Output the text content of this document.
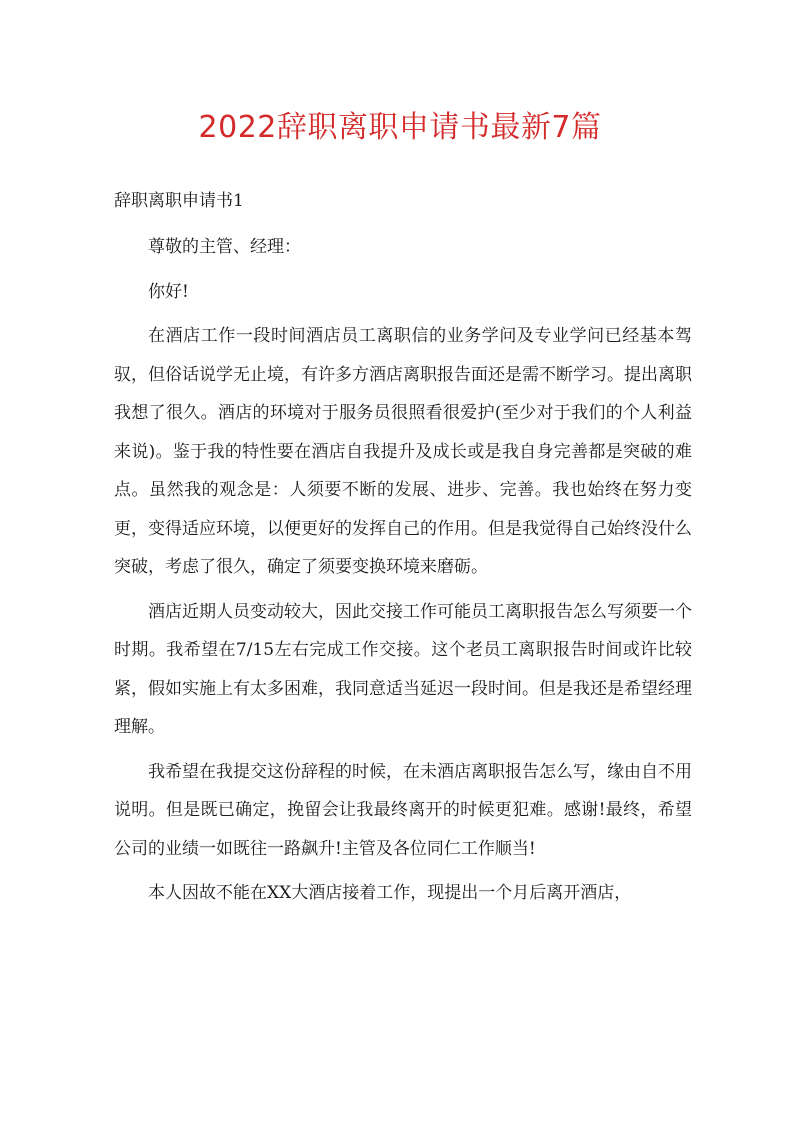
2022辞职离职申请书最新7篇
辞职离职申请书1

尊敬的主管、经理：

你好!

在酒店工作一段时间酒店员工离职信的业务学问及专业学问已经基本驾驭，但俗话说学无止境，有许多方酒店离职报告面还是需不断学习。提出离职我想了很久。酒店的环境对于服务员很照看很爱护(至少对于我们的个人利益来说)。鉴于我的特性要在酒店自我提升及成长或是我自身完善都是突破的难点。虽然我的观念是：人须要不断的发展、进步、完善。我也始终在努力变更，变得适应环境，以便更好的发挥自己的作用。但是我觉得自己始终没什么突破，考虑了很久，确定了须要变换环境来磨砺。

酒店近期人员变动较大，因此交接工作可能员工离职报告怎么写须要一个时期。我希望在7/15左右完成工作交接。这个老员工离职报告时间或许比较紧，假如实施上有太多困难，我同意适当延迟一段时间。但是我还是希望经理理解。

我希望在我提交这份辞程的时候，在未酒店离职报告怎么写，缘由自不用说明。但是既已确定，挽留会让我最终离开的时候更犯难。感谢!最终，希望公司的业绩一如既往一路飙升!主管及各位同仁工作顺当!

本人因故不能在XX大酒店接着工作，现提出一个月后离开酒店，
